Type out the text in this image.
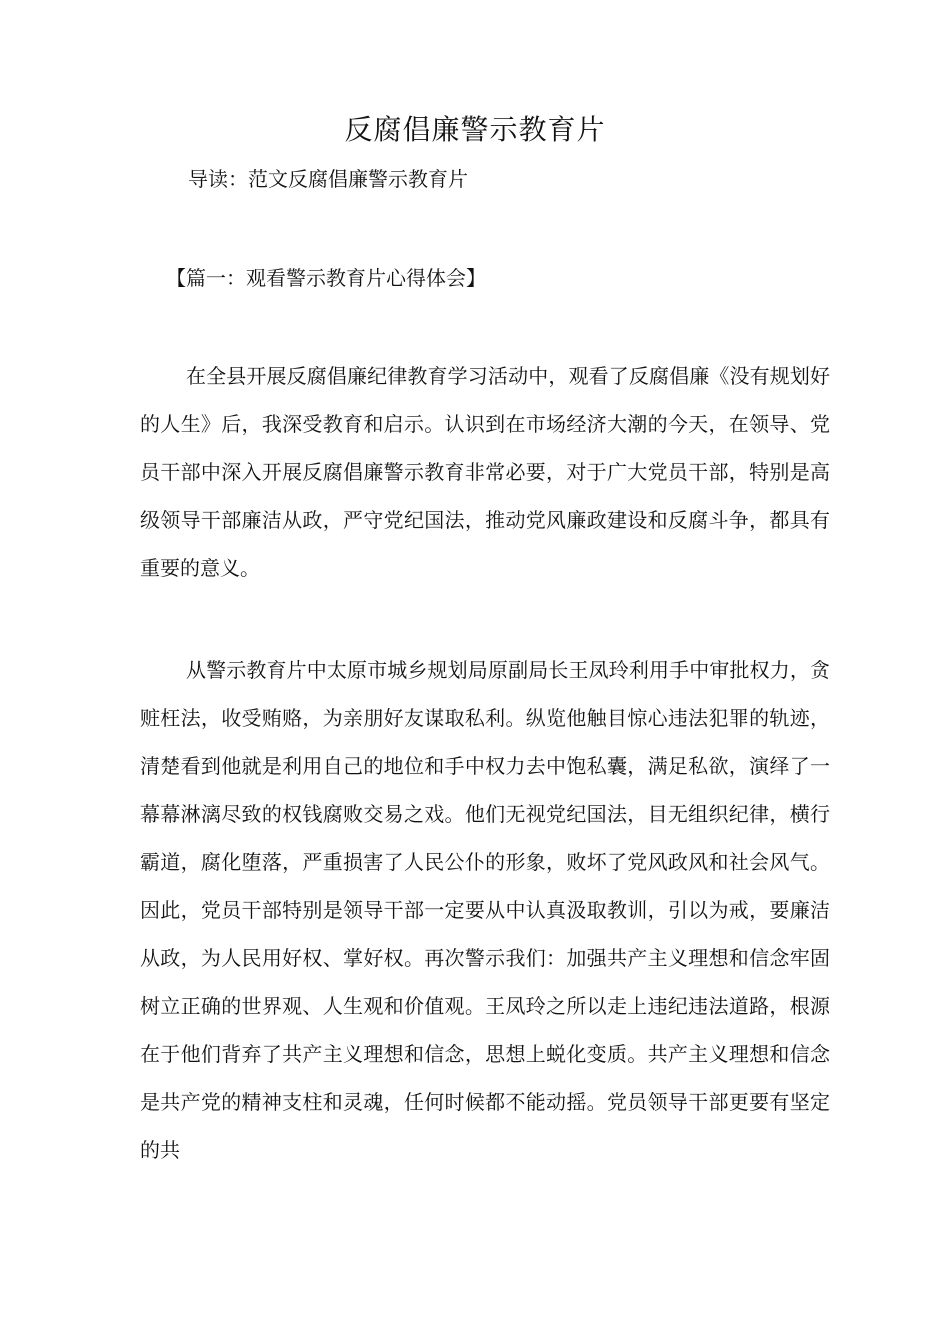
反腐倡廉警示教育片
导读：范文反腐倡廉警示教育片
【篇一：观看警示教育片心得体会】

在全县开展反腐倡廉纪律教育学习活动中，观看了反腐倡廉《没有规划好的人生》后，我深受教育和启示。认识到在市场经济大潮的今天，在领导、党员干部中深入开展反腐倡廉警示教育非常必要，对于广大党员干部，特别是高级领导干部廉洁从政，严守党纪国法，推动党风廉政建设和反腐斗争，都具有重要的意义。

从警示教育片中太原市城乡规划局原副局长王凤玲利用手中审批权力，贪赃枉法，收受贿赂，为亲朋好友谋取私利。纵览他触目惊心违法犯罪的轨迹，清楚看到他就是利用自己的地位和手中权力去中饱私囊，满足私欲，演绎了一幕幕淋漓尽致的权钱腐败交易之戏。他们无视党纪国法，目无组织纪律，横行霸道，腐化堕落，严重损害了人民公仆的形象，败坏了党风政风和社会风气。因此，党员干部特别是领导干部一定要从中认真汲取教训，引以为戒，要廉洁从政，为人民用好权、掌好权。再次警示我们：加强共产主义理想和信念牢固树立正确的世界观、人生观和价值观。王凤玲之所以走上违纪违法道路，根源在于他们背弃了共产主义理想和信念，思想上蜕化变质。共产主义理想和信念是共产党的精神支柱和灵魂，任何时候都不能动摇。党员领导干部更要有坚定的共
